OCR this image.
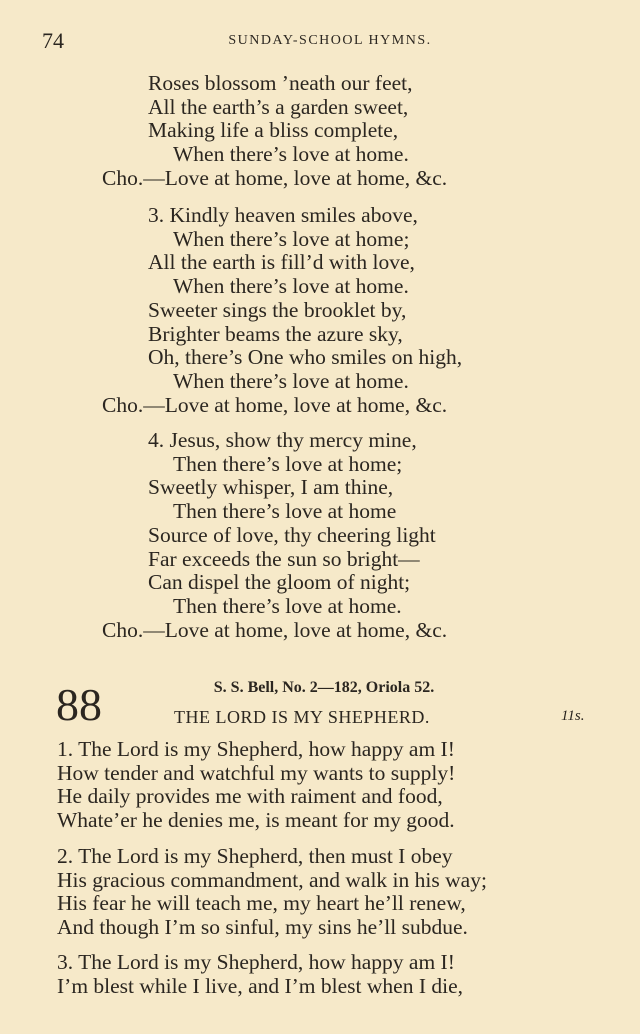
74	SUNDAY-SCHOOL HYMNS.
Roses blossom ’neath our feet,
All the earth’s a garden sweet,
Making life a bliss complete,
When there’s love at home.
Cho.—Love at home, love at home, &c.
3. Kindly heaven smiles above,
When there’s love at home;
All the earth is fill’d with love,
When there’s love at home.
Sweeter sings the brooklet by,
Brighter beams the azure sky,
Oh, there’s One who smiles on high,
When there’s love at home.
Cho.—Love at home, love at home, &c.
4. Jesus, show thy mercy mine,
Then there’s love at home;
Sweetly whisper, I am thine,
Then there’s love at home
Source of love, thy cheering light
Far exceeds the sun so bright—
Can dispel the gloom of night;
Then there’s love at home.
Cho.—Love at home, love at home, &c.
88	S. S. Bell, No. 2—182, Oriola 52.
THE LORD IS MY SHEPHERD.	11s.
1. The Lord is my Shepherd, how happy am I!
How tender and watchful my wants to supply!
He daily provides me with raiment and food,
Whate’er he denies me, is meant for my good.
2. The Lord is my Shepherd, then must I obey
His gracious commandment, and walk in his way;
His fear he will teach me, my heart he’ll renew,
And though I’m so sinful, my sins he’ll subdue.
3. The Lord is my Shepherd, how happy am I!
I’m blest while I live, and I’m blest when I die,
